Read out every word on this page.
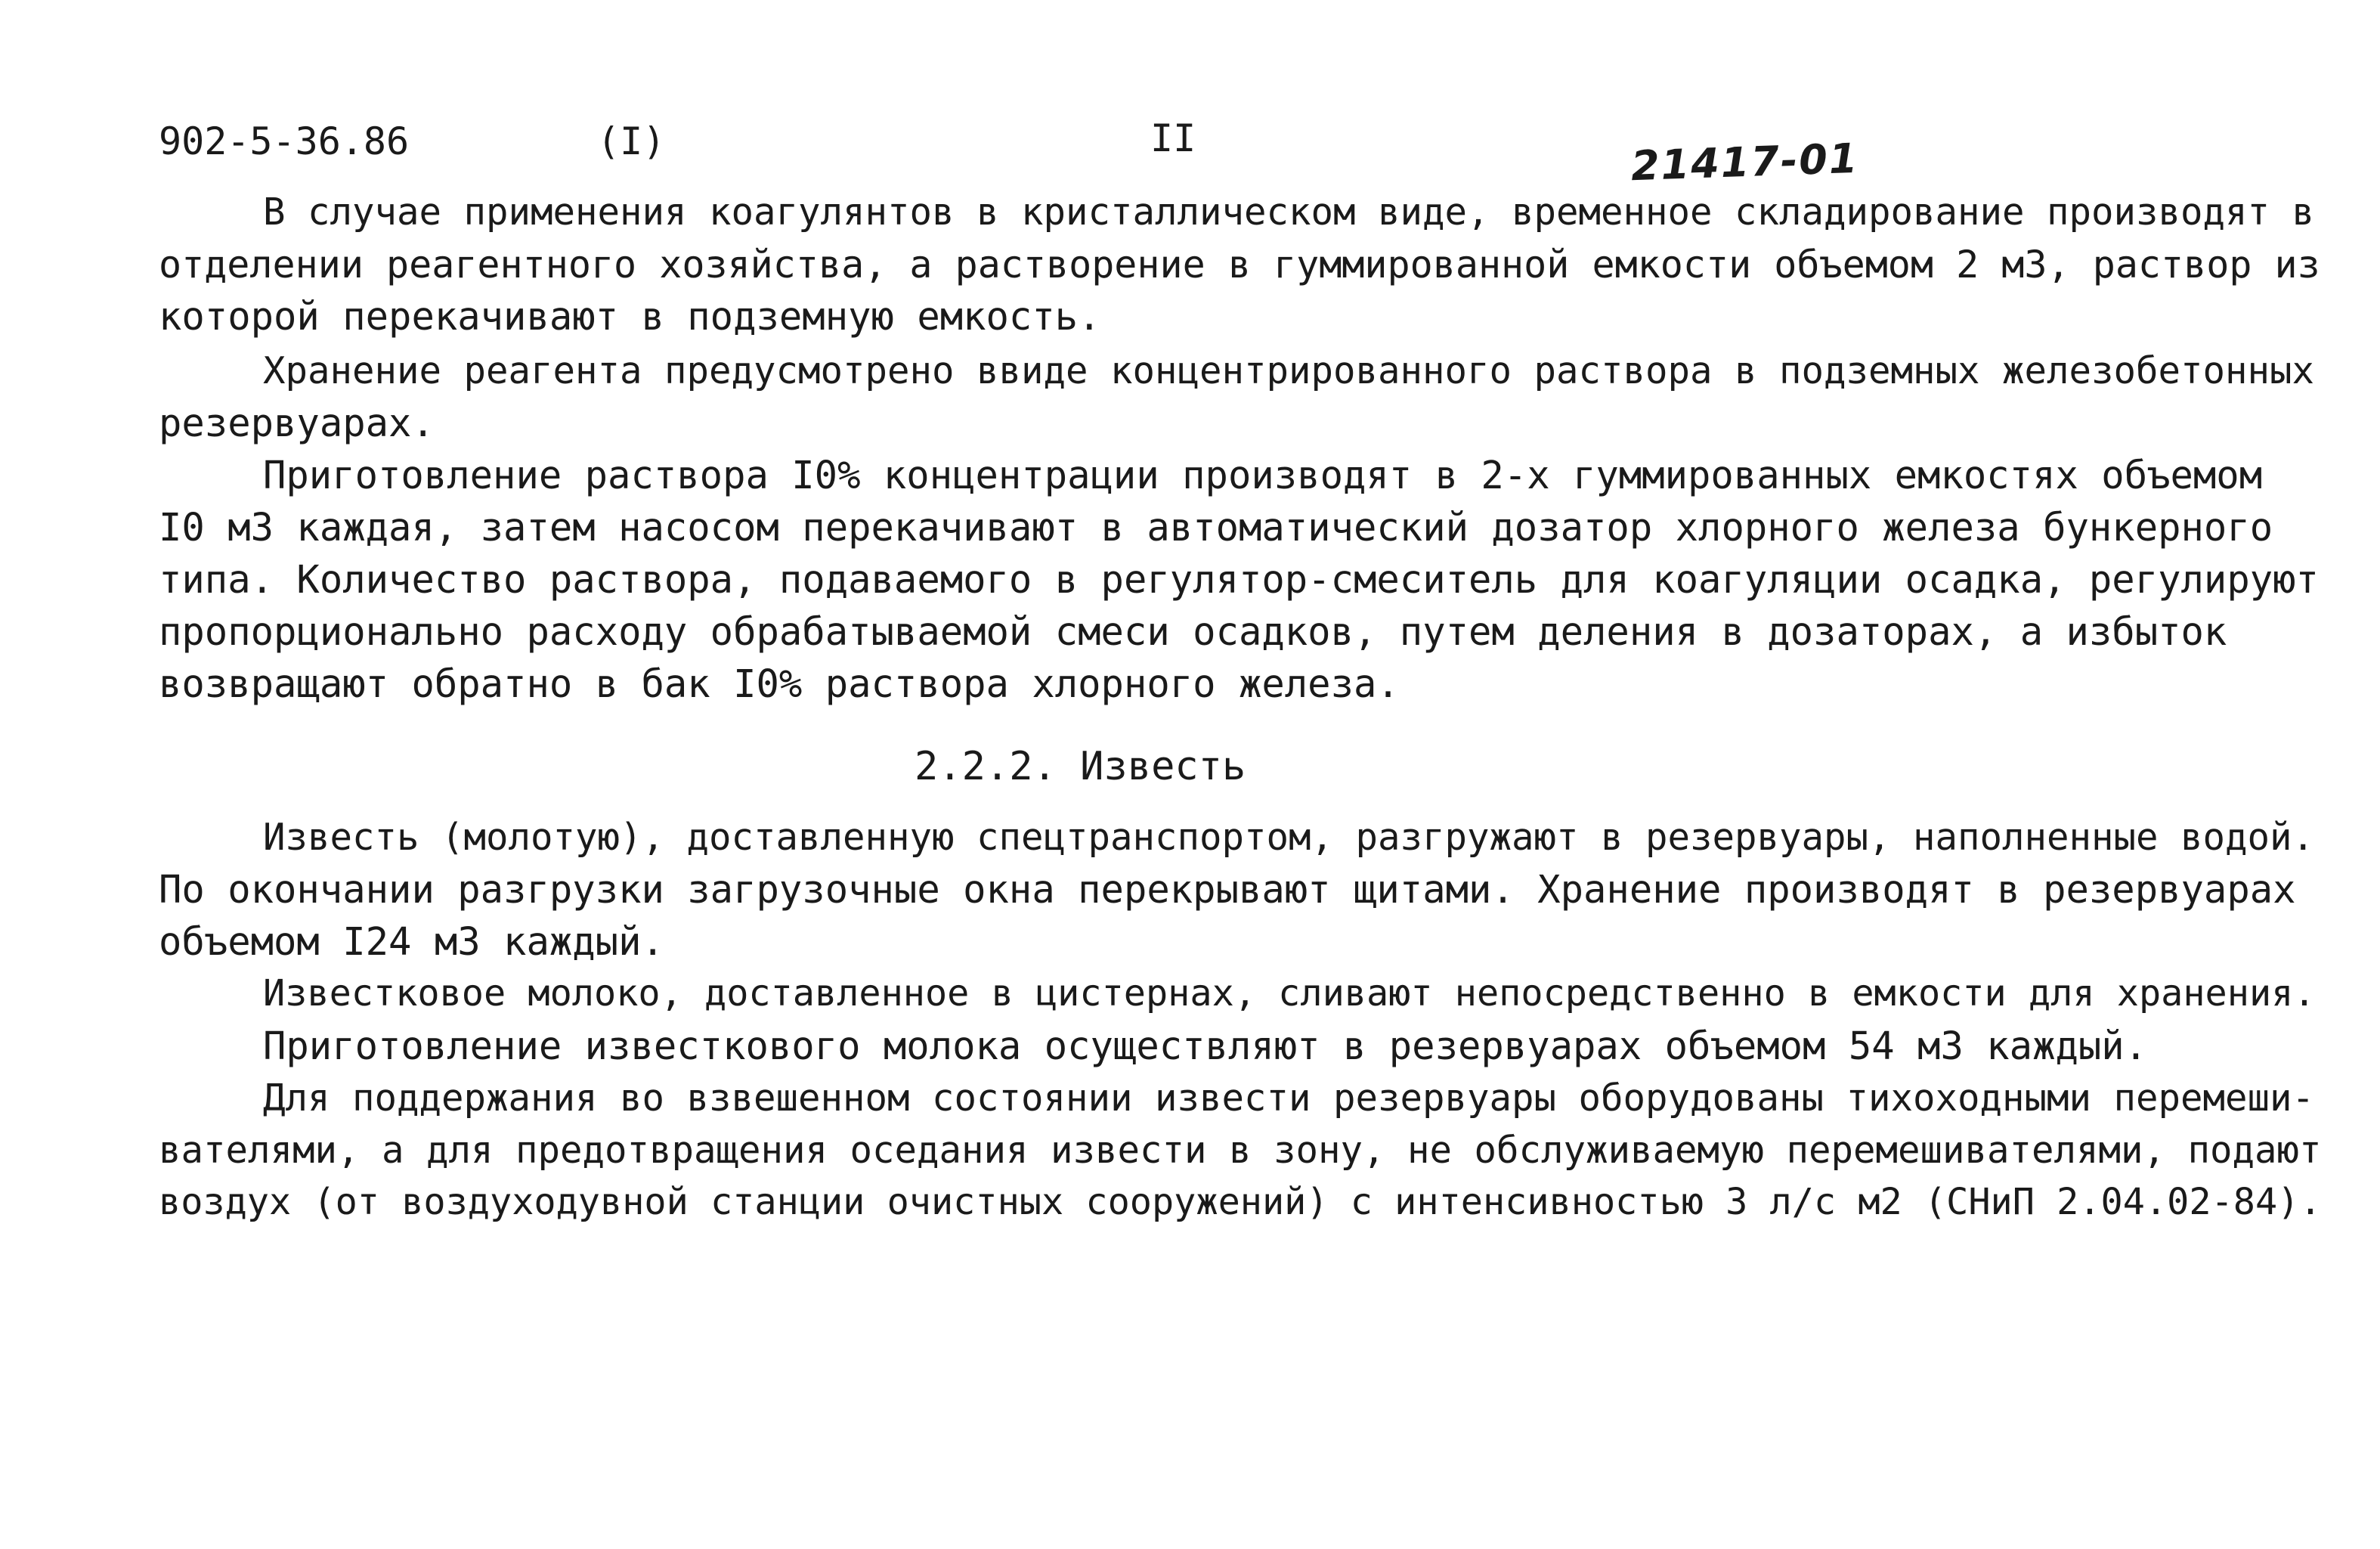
902-5-36.86	(I)	II	21417-01
В случае применения коагулянтов в кристаллическом виде, временное складирование производят в
отделении реагентного хозяйства, а растворение в гуммированной емкости объемом 2 м3, раствор из
которой перекачивают в подземную емкость.
Хранение реагента предусмотрено ввиде концентрированного раствора в подземных железобетонных
резервуарах.
Приготовление раствора I0% концентрации производят в 2-х гуммированных емкостях объемом
I0 м3 каждая, затем насосом перекачивают в автоматический дозатор хлорного железа бункерного
типа. Количество раствора, подаваемого в регулятор-смеситель для коагуляции осадка, регулируют
пропорционально расходу обрабатываемой смеси осадков, путем деления в дозаторах, а избыток
возвращают обратно в бак I0% раствора хлорного железа.
2.2.2. Известь
Известь (молотую), доставленную спецтранспортом, разгружают в резервуары, наполненные водой.
По окончании разгрузки загрузочные окна перекрывают щитами. Хранение производят в резервуарах
объемом I24 м3 каждый.
Известковое молоко, доставленное в цистернах, сливают непосредственно в емкости для хранения.
Приготовление известкового молока осуществляют в резервуарах объемом 54 м3 каждый.
Для поддержания во взвешенном состоянии извести резервуары оборудованы тихоходными перемеши-
вателями, а для предотвращения оседания извести в зону, не обслуживаемую перемешивателями, подают
воздух (от воздуходувной станции очистных сооружений) с интенсивностью 3 л/с м2 (СНиП 2.04.02-84).
